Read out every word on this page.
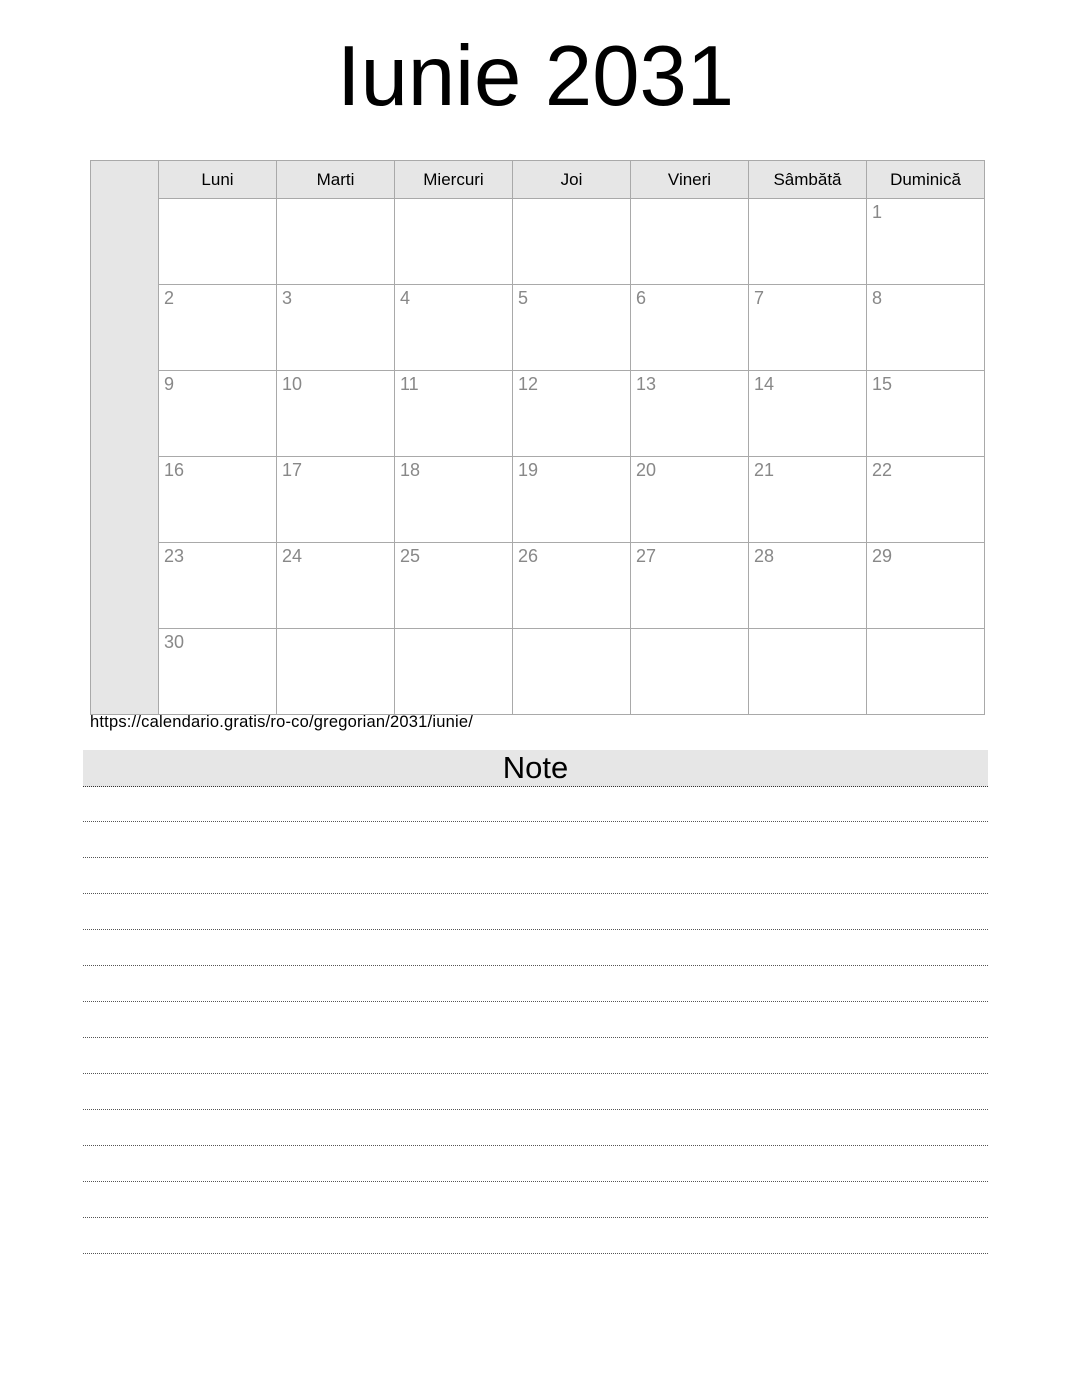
Iunie 2031
	Luni	Marti	Miercuri	Joi	Vineri	Sâmbătă	Duminică

							1

	2	3	4	5	6	7	8

	9	10	11	12	13	14	15

	16	17	18	19	20	21	22

	23	24	25	26	27	28	29

	30						

https://calendario.gratis/ro-co/gregorian/2031/iunie/
Note
